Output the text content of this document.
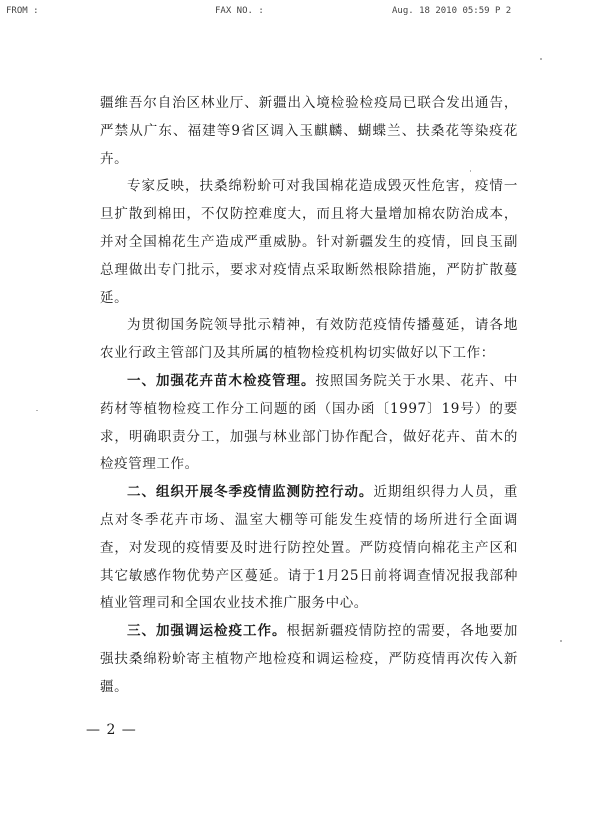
FROM :	FAX NO. :	Aug. 18 2010 05:59 P 2

疆维吾尔自治区林业厅、新疆出入境检验检疫局已联合发出通告，严禁从广东、福建等9省区调入玉麒麟、蝴蝶兰、扶桑花等染疫花卉。

专家反映，扶桑绵粉蚧可对我国棉花造成毁灭性危害，疫情一旦扩散到棉田，不仅防控难度大，而且将大量增加棉农防治成本，并对全国棉花生产造成严重威胁。针对新疆发生的疫情，回良玉副总理做出专门批示，要求对疫情点采取断然根除措施，严防扩散蔓延。

为贯彻国务院领导批示精神，有效防范疫情传播蔓延，请各地农业行政主管部门及其所属的植物检疫机构切实做好以下工作：

一、加强花卉苗木检疫管理。按照国务院关于水果、花卉、中药材等植物检疫工作分工问题的函（国办函〔1997〕19号）的要求，明确职责分工，加强与林业部门协作配合，做好花卉、苗木的检疫管理工作。

二、组织开展冬季疫情监测防控行动。近期组织得力人员，重点对冬季花卉市场、温室大棚等可能发生疫情的场所进行全面调查，对发现的疫情要及时进行防控处置。严防疫情向棉花主产区和其它敏感作物优势产区蔓延。请于1月25日前将调查情况报我部种植业管理司和全国农业技术推广服务中心。

三、加强调运检疫工作。根据新疆疫情防控的需要，各地要加强扶桑绵粉蚧寄主植物产地检疫和调运检疫，严防疫情再次传入新疆。

— 2 —
